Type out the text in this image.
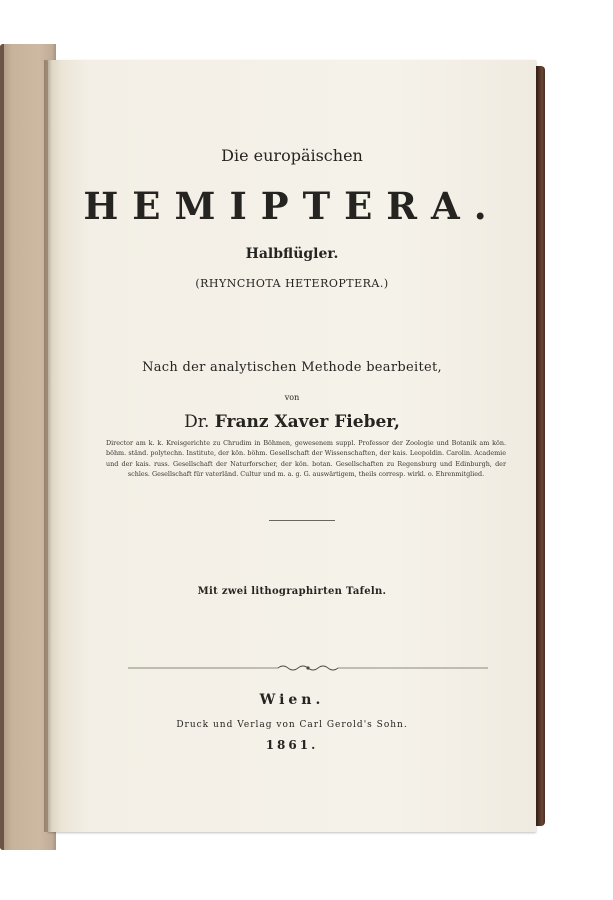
Die europäischen
HEMIPTERA.
Halbflügler.
(RHYNCHOTA HETEROPTERA.)
Nach der analytischen Methode bearbeitet,
von
Dr. Franz Xaver Fieber,
Director am k. k. Kreisgerichte zu Chrudim in Böhmen, gewesenem suppl. Professor der Zoologie und Botanik am kön. böhm. ständ. polytechn. Institute, der kön. böhm. Gesellschaft der Wissenschaften, der kais. Leopoldin. Carolin. Academie und der kais. russ. Gesellschaft der Naturforscher, der kön. botan. Gesellschaften zu Regensburg und Edinburgh, der schles. Gesellschaft für vaterländ. Cultur und m. a. g. G. auswärtigem, theils corresp. wirkl. o. Ehrenmitglied.
Mit zwei lithographirten Tafeln.
Wien.
Druck und Verlag von Carl Gerold's Sohn.
1861.
